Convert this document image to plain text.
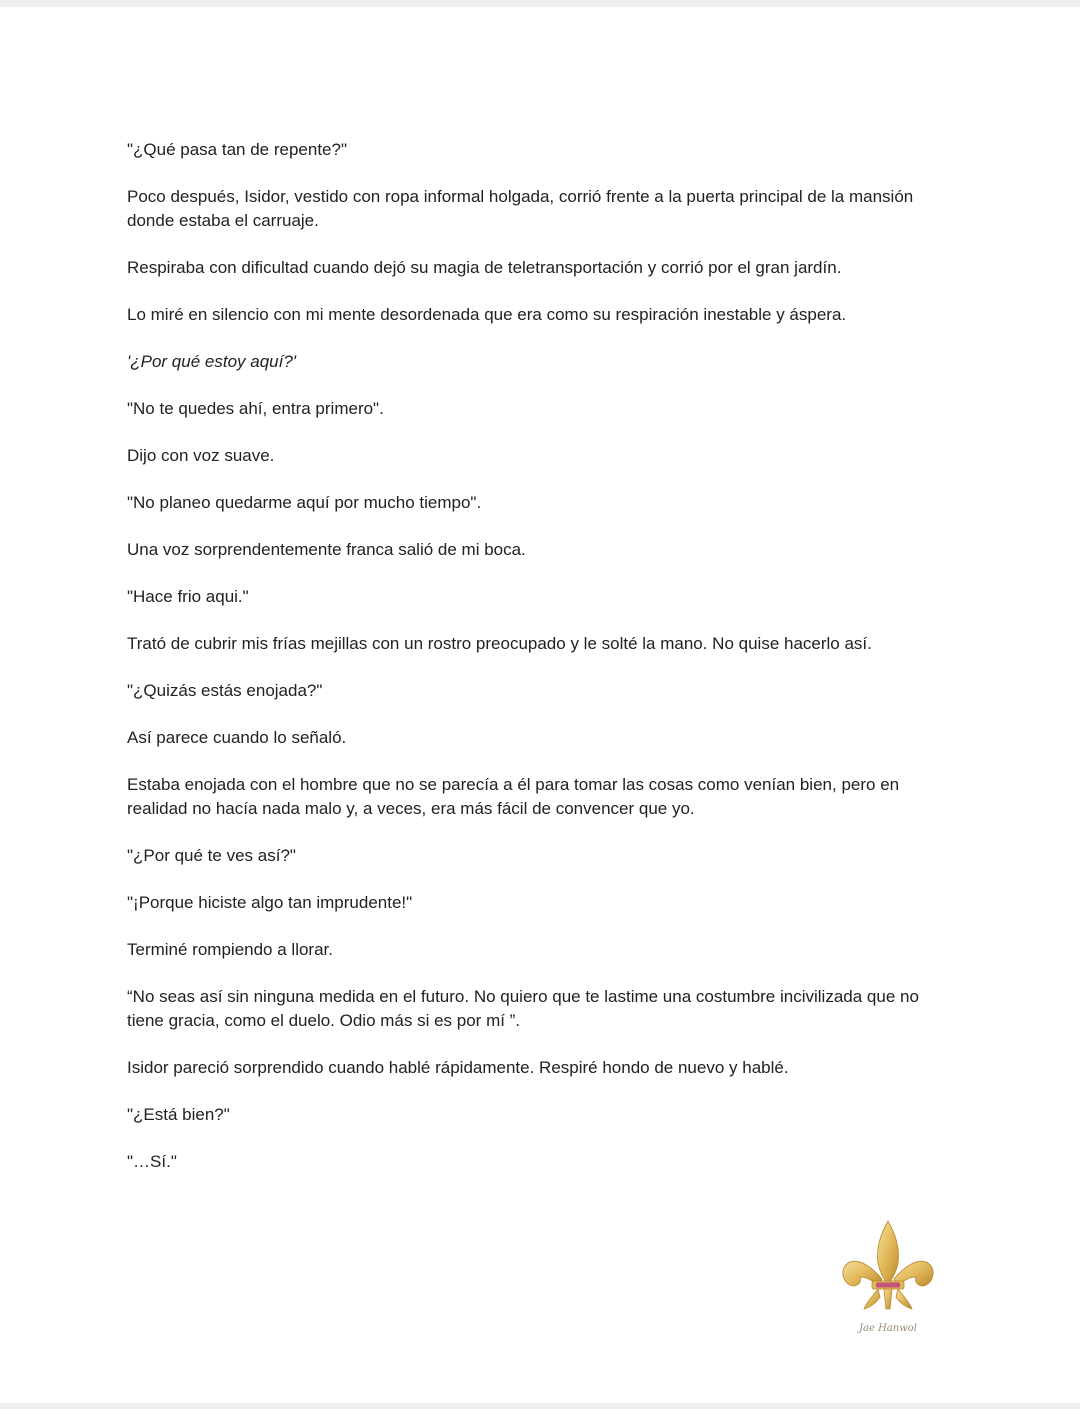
"¿Qué pasa tan de repente?"

Poco después, Isidor, vestido con ropa informal holgada, corrió frente a la puerta principal de la mansión donde estaba el carruaje.

Respiraba con dificultad cuando dejó su magia de teletransportación y corrió por el gran jardín.

Lo miré en silencio con mi mente desordenada que era como su respiración inestable y áspera.

'¿Por qué estoy aquí?'

"No te quedes ahí, entra primero".

Dijo con voz suave.

"No planeo quedarme aquí por mucho tiempo".

Una voz sorprendentemente franca salió de mi boca.

"Hace frio aqui."

Trató de cubrir mis frías mejillas con un rostro preocupado y le solté la mano. No quise hacerlo así.

"¿Quizás estás enojada?"

Así parece cuando lo señaló.

Estaba enojada con el hombre que no se parecía a él para tomar las cosas como venían bien, pero en realidad no hacía nada malo y, a veces, era más fácil de convencer que yo.

"¿Por qué te ves así?"

"¡Porque hiciste algo tan imprudente!"

Terminé rompiendo a llorar.

“No seas así sin ninguna medida en el futuro. No quiero que te lastime una costumbre incivilizada que no tiene gracia, como el duelo. Odio más si es por mí ”.

Isidor pareció sorprendido cuando hablé rápidamente. Respiré hondo de nuevo y hablé.

"¿Está bien?"

"…Sí."

Jae Hanwol
